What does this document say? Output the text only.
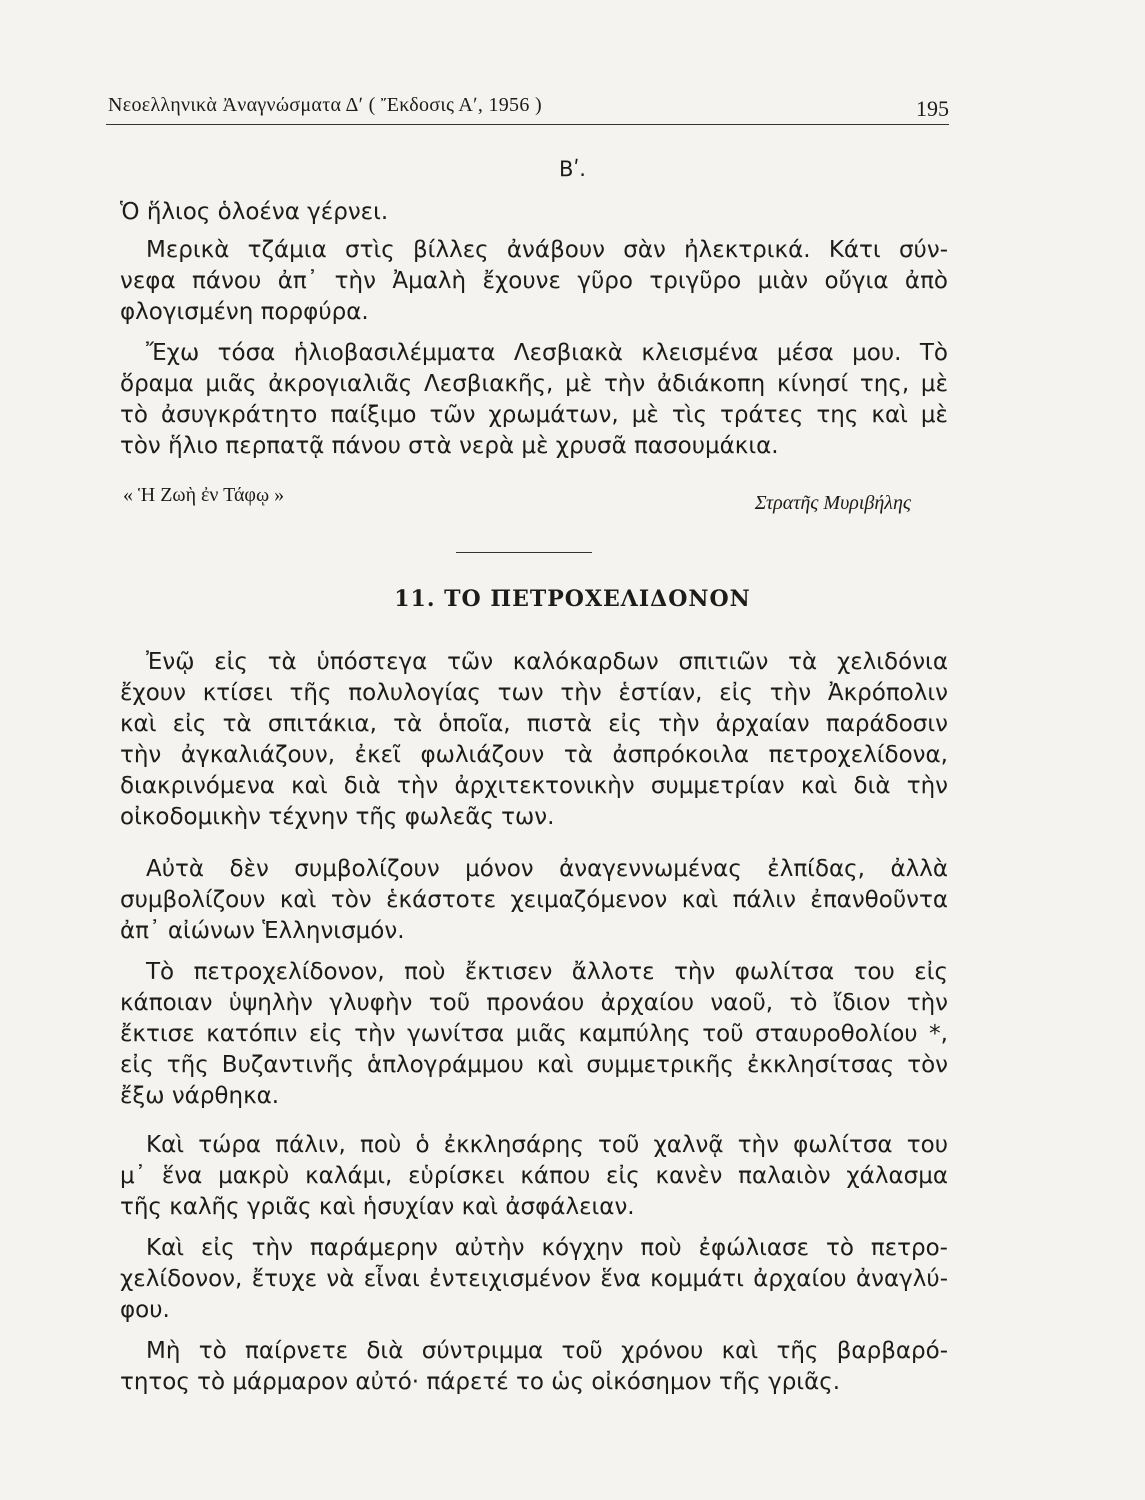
Νεοελληνικὰ Ἀναγνώσματα Δʹ ( Ἔκδοσις Αʹ, 1956 )	195
Βʹ.
Ὁ ἥλιος ὁλοένα γέρνει.
Μερικὰ τζάμια στὶς βίλλες ἀνάβουν σὰν ἠλεκτρικά. Κάτι σύν-
νεφα πάνου ἀπ᾿ τὴν Ἀμαλὴ ἔχουνε γῦρο τριγῦρο μιὰν οὔγια ἀπὸ
φλογισμένη πορφύρα.
Ἔχω τόσα ἡλιοβασιλέμματα Λεσβιακὰ κλεισμένα μέσα μου. Τὸ
ὅραμα μιᾶς ἀκρογιαλιᾶς Λεσβιακῆς, μὲ τὴν ἀδιάκοπη κίνησί της, μὲ
τὸ ἀσυγκράτητο παίξιμο τῶν χρωμάτων, μὲ τὶς τράτες της καὶ μὲ
τὸν ἥλιο περπατᾷ πάνου στὰ νερὰ μὲ χρυσᾶ πασουμάκια.
« Ἡ Ζωὴ ἐν Τάφῳ »	Στρατῆς Μυριβήλης
11. ΤΟ ΠΕΤΡΟΧΕΛΙΔΟΝΟΝ
Ἐνῷ εἰς τὰ ὑπόστεγα τῶν καλόκαρδων σπιτιῶν τὰ χελιδόνια
ἔχουν κτίσει τῆς πολυλογίας των τὴν ἑστίαν, εἰς τὴν Ἀκρόπολιν
καὶ εἰς τὰ σπιτάκια, τὰ ὁποῖα, πιστὰ εἰς τὴν ἀρχαίαν παράδοσιν
τὴν ἀγκαλιάζουν, ἐκεῖ φωλιάζουν τὰ ἀσπρόκοιλα πετροχελίδονα,
διακρινόμενα καὶ διὰ τὴν ἀρχιτεκτονικὴν συμμετρίαν καὶ διὰ τὴν
οἰκοδομικὴν τέχνην τῆς φωλεᾶς των.
Αὐτὰ δὲν συμβολίζουν μόνον ἀναγεννωμένας ἐλπίδας, ἀλλὰ
συμβολίζουν καὶ τὸν ἑκάστοτε χειμαζόμενον καὶ πάλιν ἐπανθοῦντα
ἀπ᾿ αἰώνων Ἑλληνισμόν.
Τὸ πετροχελίδονον, ποὺ ἔκτισεν ἄλλοτε τὴν φωλίτσα του εἰς
κάποιαν ὑψηλὴν γλυφὴν τοῦ προνάου ἀρχαίου ναοῦ, τὸ ἴδιον τὴν
ἔκτισε κατόπιν εἰς τὴν γωνίτσα μιᾶς καμπύλης τοῦ σταυροθολίου *,
εἰς τῆς Βυζαντινῆς ἁπλογράμμου καὶ συμμετρικῆς ἐκκλησίτσας τὸν
ἔξω νάρθηκα.
Καὶ τώρα πάλιν, ποὺ ὁ ἐκκλησάρης τοῦ χαλνᾷ τὴν φωλίτσα του
μ᾿ ἕνα μακρὺ καλάμι, εὑρίσκει κάπου εἰς κανὲν παλαιὸν χάλασμα
τῆς καλῆς γριᾶς καὶ ἡσυχίαν καὶ ἀσφάλειαν.
Καὶ εἰς τὴν παράμερην αὐτὴν κόγχην ποὺ ἐφώλιασε τὸ πετρο-
χελίδονον, ἔτυχε νὰ εἶναι ἐντειχισμένον ἕνα κομμάτι ἀρχαίου ἀναγλύ-
φου.
Μὴ τὸ παίρνετε διὰ σύντριμμα τοῦ χρόνου καὶ τῆς βαρβαρό-
τητος τὸ μάρμαρον αὐτό· πάρετέ το ὡς οἰκόσημον τῆς γριᾶς.
